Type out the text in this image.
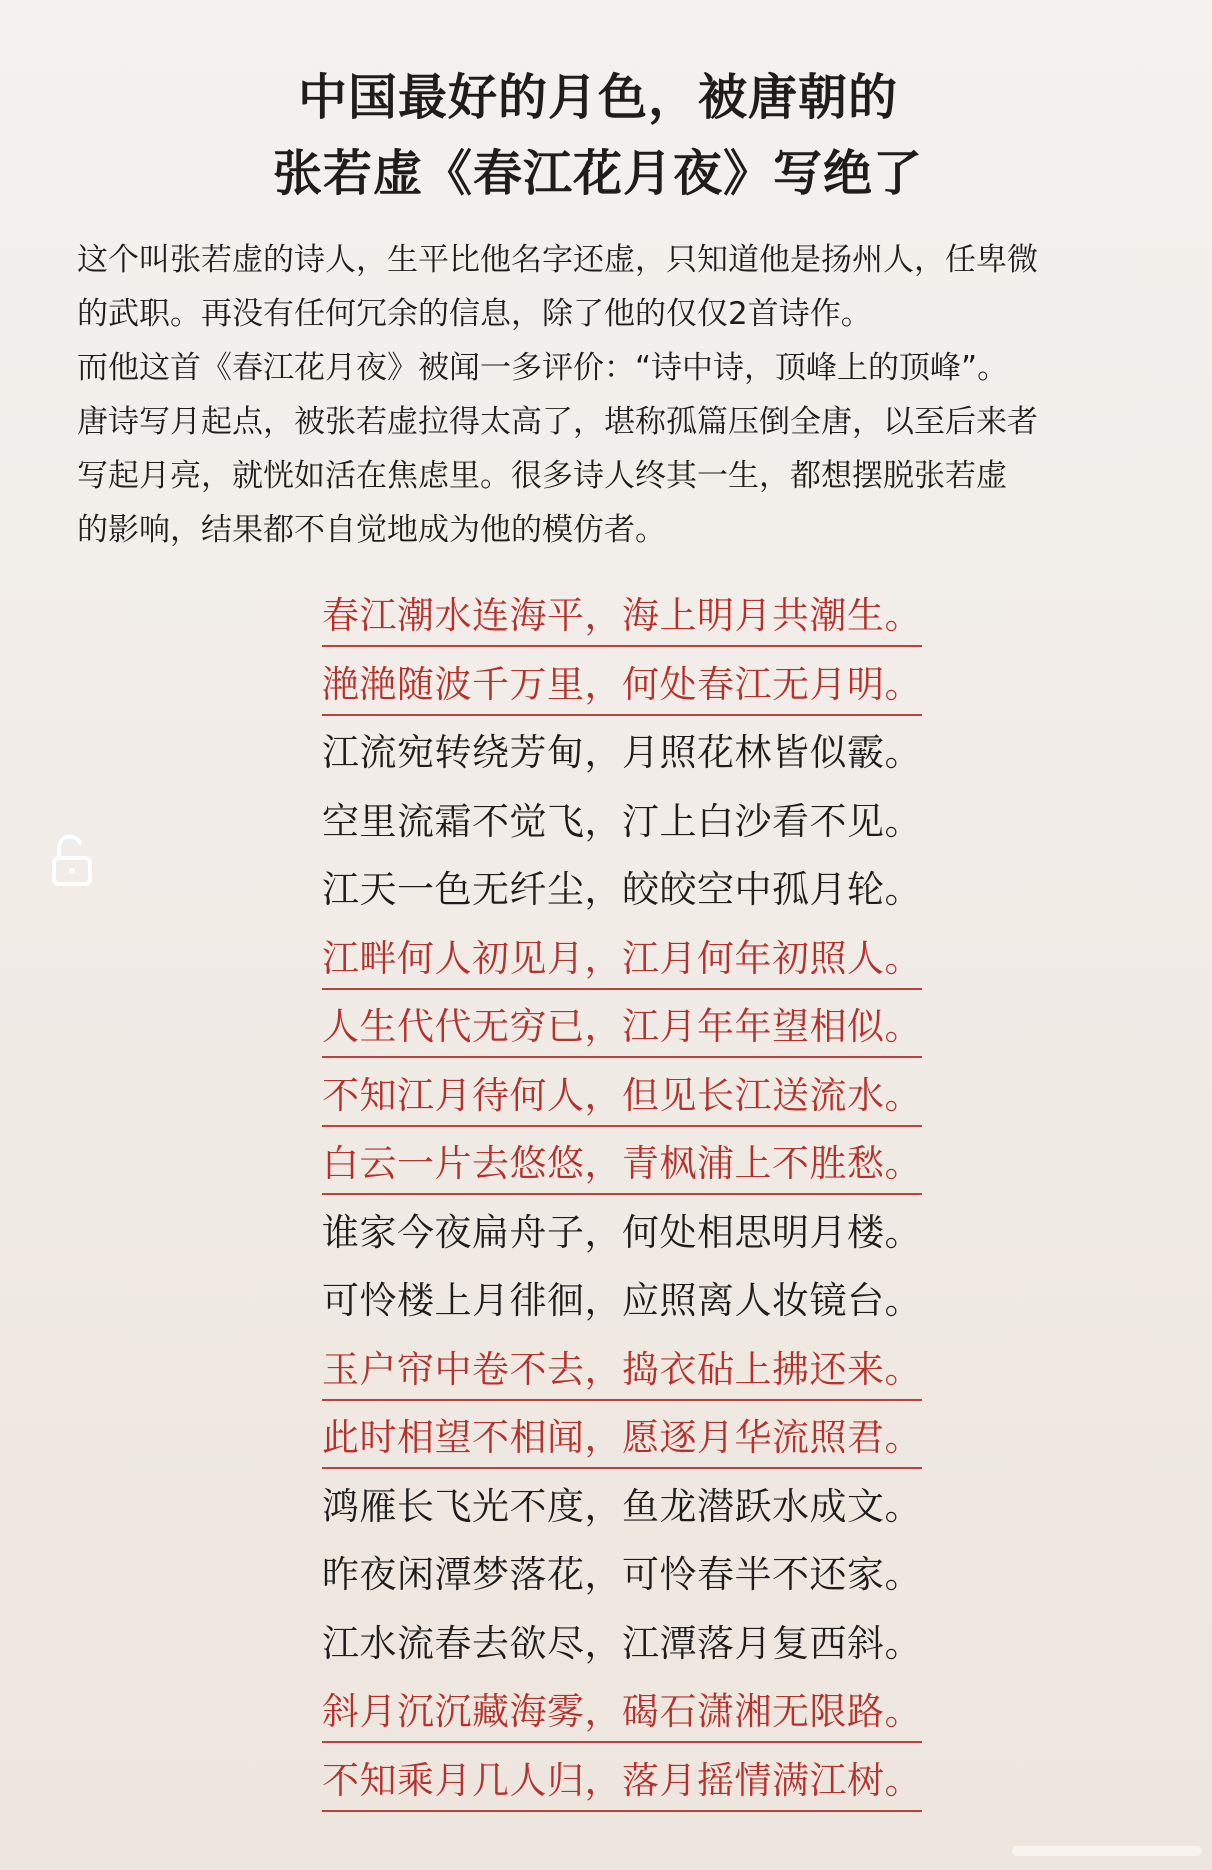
中国最好的月色，被唐朝的
张若虚《春江花月夜》写绝了
这个叫张若虚的诗人，生平比他名字还虚，只知道他是扬州人，任卑微
的武职。再没有任何冗余的信息，除了他的仅仅2首诗作。
而他这首《春江花月夜》被闻一多评价：“诗中诗，顶峰上的顶峰”。
唐诗写月起点，被张若虚拉得太高了，堪称孤篇压倒全唐，以至后来者
写起月亮，就恍如活在焦虑里。很多诗人终其一生，都想摆脱张若虚
的影响，结果都不自觉地成为他的模仿者。
春江潮水连海平，海上明月共潮生。
滟滟随波千万里，何处春江无月明。
江流宛转绕芳甸，月照花林皆似霰。
空里流霜不觉飞，汀上白沙看不见。
江天一色无纤尘，皎皎空中孤月轮。
江畔何人初见月，江月何年初照人。
人生代代无穷已，江月年年望相似。
不知江月待何人，但见长江送流水。
白云一片去悠悠，青枫浦上不胜愁。
谁家今夜扁舟子，何处相思明月楼。
可怜楼上月徘徊，应照离人妆镜台。
玉户帘中卷不去，捣衣砧上拂还来。
此时相望不相闻，愿逐月华流照君。
鸿雁长飞光不度，鱼龙潜跃水成文。
昨夜闲潭梦落花，可怜春半不还家。
江水流春去欲尽，江潭落月复西斜。
斜月沉沉藏海雾，碣石潇湘无限路。
不知乘月几人归，落月摇情满江树。
